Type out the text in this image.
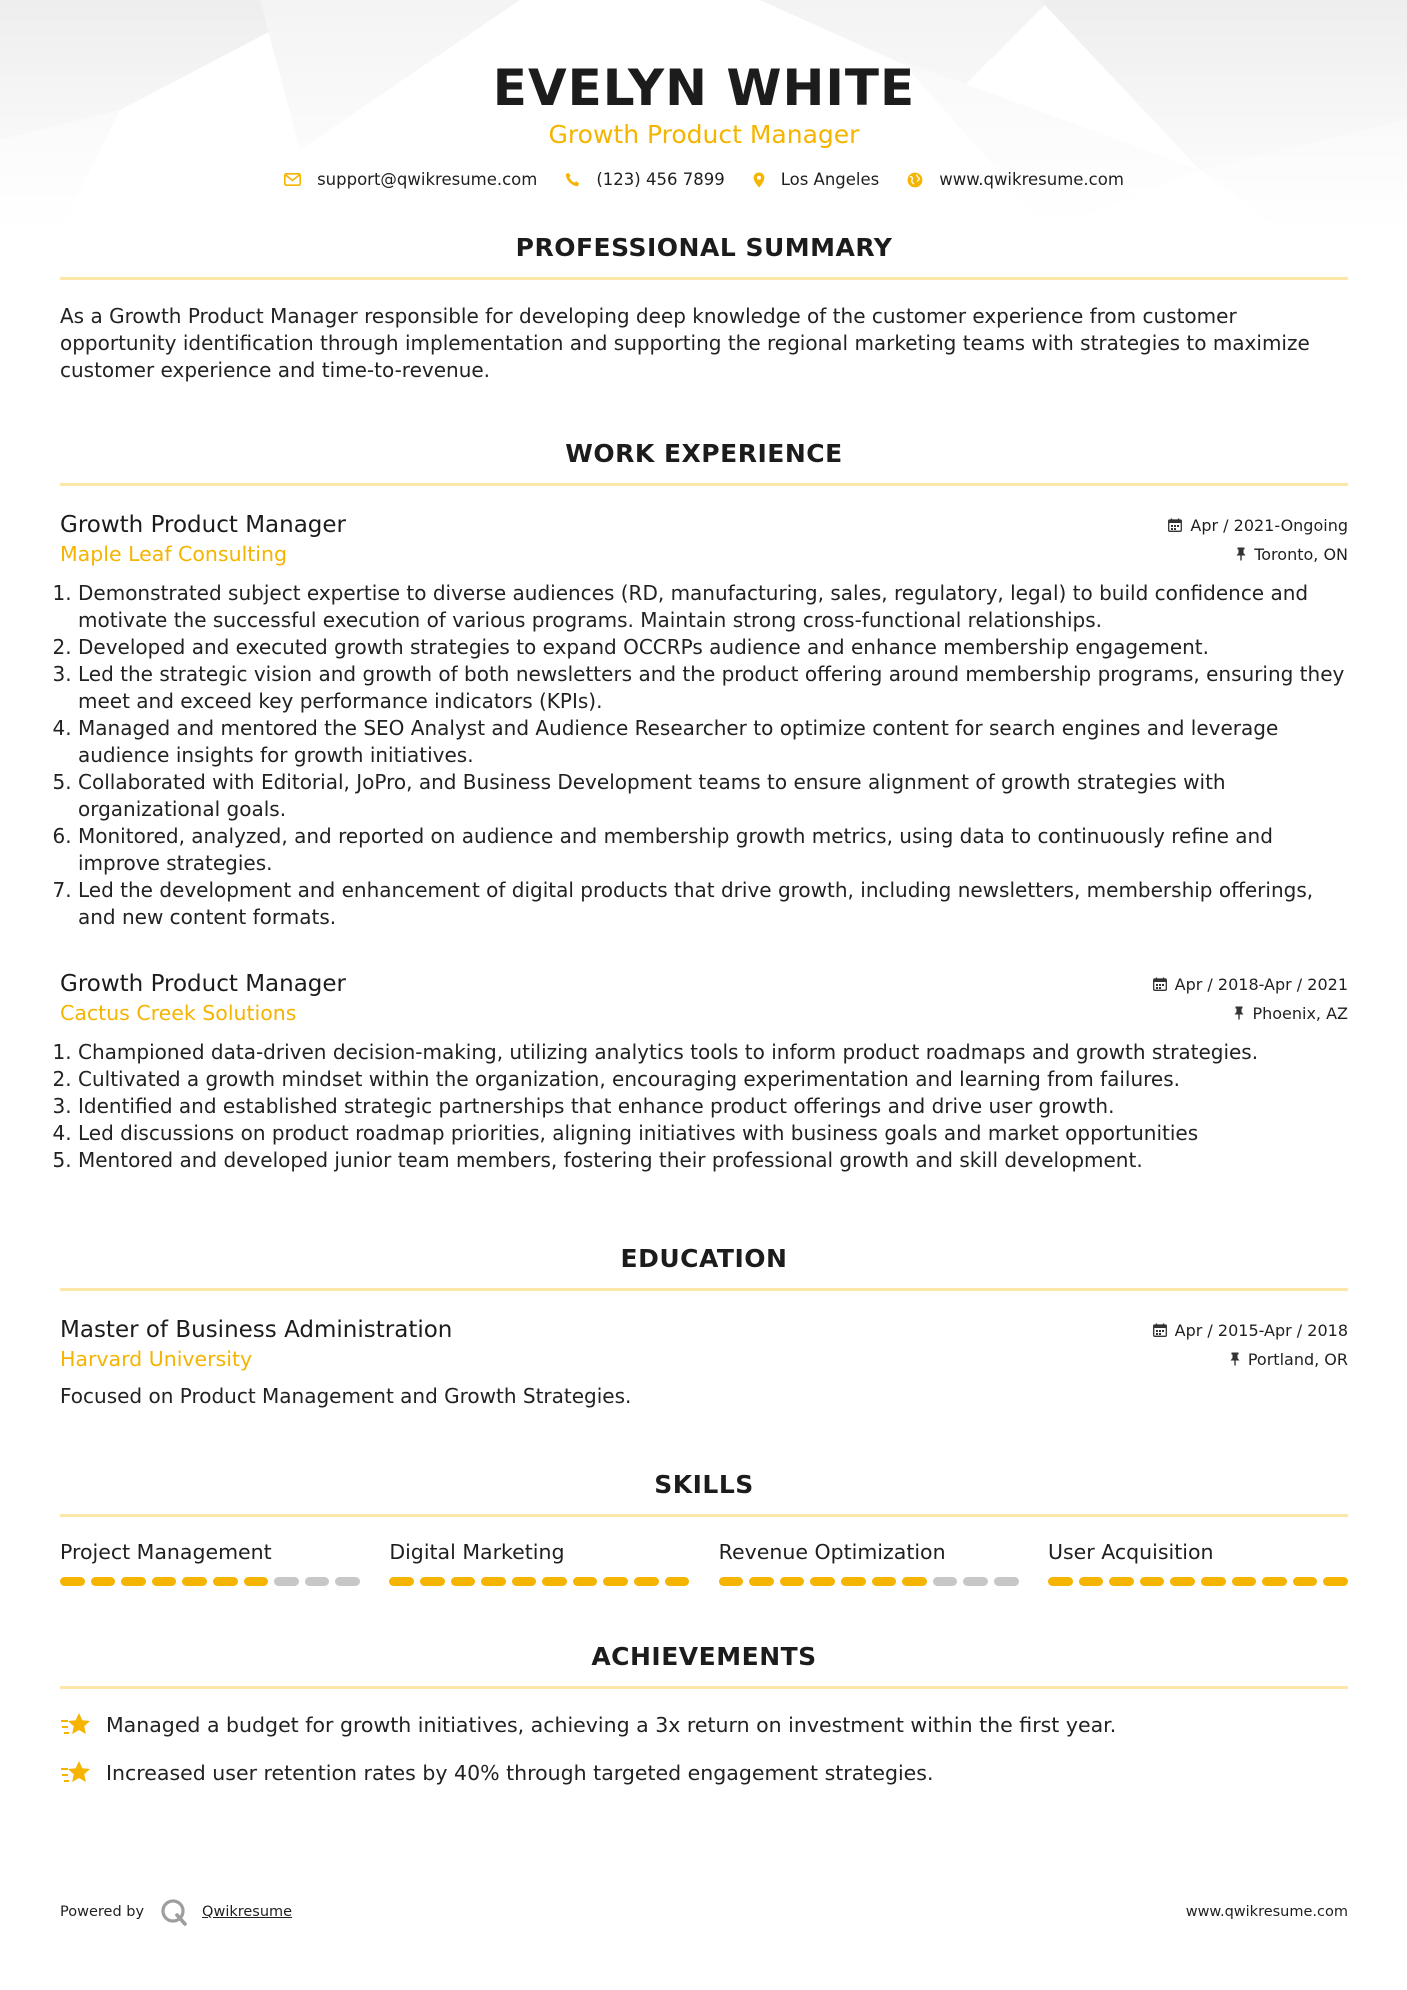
EVELYN WHITE
Growth Product Manager
support@qwikresume.com	(123) 456 7899	Los Angeles	www.qwikresume.com
PROFESSIONAL SUMMARY
As a Growth Product Manager responsible for developing deep knowledge of the customer experience from customer opportunity identification through implementation and supporting the regional marketing teams with strategies to maximize customer experience and time-to-revenue.
WORK EXPERIENCE
Growth Product Manager	Apr / 2021-Ongoing
Maple Leaf Consulting	Toronto, ON
1. Demonstrated subject expertise to diverse audiences (RD, manufacturing, sales, regulatory, legal) to build confidence and motivate the successful execution of various programs. Maintain strong cross-functional relationships.
2. Developed and executed growth strategies to expand OCCRPs audience and enhance membership engagement.
3. Led the strategic vision and growth of both newsletters and the product offering around membership programs, ensuring they meet and exceed key performance indicators (KPIs).
4. Managed and mentored the SEO Analyst and Audience Researcher to optimize content for search engines and leverage audience insights for growth initiatives.
5. Collaborated with Editorial, JoPro, and Business Development teams to ensure alignment of growth strategies with organizational goals.
6. Monitored, analyzed, and reported on audience and membership growth metrics, using data to continuously refine and improve strategies.
7. Led the development and enhancement of digital products that drive growth, including newsletters, membership offerings, and new content formats.
Growth Product Manager	Apr / 2018-Apr / 2021
Cactus Creek Solutions	Phoenix, AZ
1. Championed data-driven decision-making, utilizing analytics tools to inform product roadmaps and growth strategies.
2. Cultivated a growth mindset within the organization, encouraging experimentation and learning from failures.
3. Identified and established strategic partnerships that enhance product offerings and drive user growth.
4. Led discussions on product roadmap priorities, aligning initiatives with business goals and market opportunities
5. Mentored and developed junior team members, fostering their professional growth and skill development.
EDUCATION
Master of Business Administration	Apr / 2015-Apr / 2018
Harvard University	Portland, OR
Focused on Product Management and Growth Strategies.
SKILLS
Project Management	Digital Marketing	Revenue Optimization	User Acquisition
ACHIEVEMENTS
Managed a budget for growth initiatives, achieving a 3x return on investment within the first year.
Increased user retention rates by 40% through targeted engagement strategies.
Powered by	Qwikresume	www.qwikresume.com
